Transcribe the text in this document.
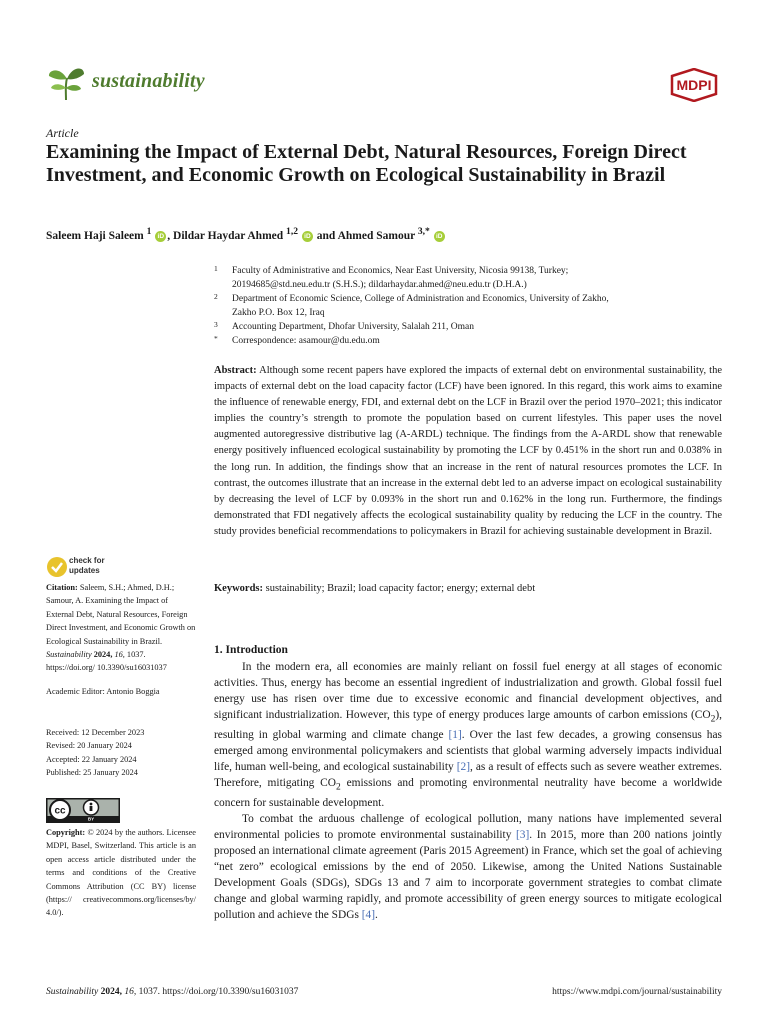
sustainability	MDPI
Article
Examining the Impact of External Debt, Natural Resources, Foreign Direct Investment, and Economic Growth on Ecological Sustainability in Brazil
Saleem Haji Saleem $^1$ iD , Dildar Haydar Ahmed $^{1,2}$ iD and Ahmed Samour $^{3,*}$ iD
1 Faculty of Administrative and Economics, Near East University, Nicosia 99138, Turkey;
20194685@std.neu.edu.tr (S.H.S.); dildarhaydar.ahmed@neu.edu.tr (D.H.A.)
2 Department of Economic Science, College of Administration and Economics, University of Zakho,
Zakho P.O. Box 12, Iraq
3 Accounting Department, Dhofar University, Salalah 211, Oman
* Correspondence: asamour@du.edu.om
Abstract: Although some recent papers have explored the impacts of external debt on environmental sustainability, the impacts of external debt on the load capacity factor (LCF) have been ignored. In this regard, this work aims to examine the influence of renewable energy, FDI, and external debt on the LCF in Brazil over the period 1970–2021; this indicator implies the country’s strength to promote the population based on current lifestyles. This paper uses the novel augmented autoregressive distributive lag (A-ARDL) technique. The findings from the A-ARDL show that renewable energy positively influenced ecological sustainability by promoting the LCF by 0.451% in the short run and 0.038% in the long run. In addition, the findings show that an increase in the rent of natural resources promotes the LCF. In contrast, the outcomes illustrate that an increase in the external debt led to an adverse impact on ecological sustainability by decreasing the level of LCF by 0.093% in the short run and 0.162% in the long run. Furthermore, the findings demonstrated that FDI negatively affects the ecological sustainability quality by reducing the LCF in the country. The study provides beneficial recommendations to policymakers in Brazil for achieving sustainable development in Brazil.
Keywords: sustainability; Brazil; load capacity factor; energy; external debt
1. Introduction

In the modern era, all economies are mainly reliant on fossil fuel energy at all stages of economic activities. Thus, energy has become an essential ingredient of industrialization and growth. Global fossil fuel energy use has risen over time due to excessive economic and financial development objectives, and significant industrialization. However, this type of energy produces large amounts of carbon emissions $(CO_2)$, resulting in global warming and climate change [1]. Over the last few decades, a growing consensus has emerged among environmental policymakers and scientists that global warming adversely impacts individual life, human well-being, and ecological sustainability [2], as a result of effects such as severe weather extremes. Therefore, mitigating $CO_2$ emissions and promoting environmental neutrality have become a worldwide concern for sustainable development.

To combat the arduous challenge of ecological pollution, many nations have implemented several environmental policies to promote environmental sustainability [3]. In 2015, more than 200 nations jointly proposed an international climate agreement (Paris 2015 Agreement) in France, which set the goal of achieving “net zero” ecological emissions by the end of 2050. Likewise, among the United Nations Sustainable Development Goals (SDGs), SDGs 13 and 7 aim to incorporate government strategies to combat climate change and global warming rapidly, and promote accessibility of green energy sources to mitigate ecological pollution and achieve the SDGs [4].

check for
updates
Citation: Saleem, S.H.; Ahmed, D.H.; Samour, A. Examining the Impact of External Debt, Natural Resources, Foreign Direct Investment, and Economic Growth on Ecological Sustainability in Brazil. Sustainability 2024, 16, 1037. https://doi.org/ 10.3390/su16031037
Academic Editor: Antonio Boggia
Received: 12 December 2023
Revised: 20 January 2024
Accepted: 22 January 2024
Published: 25 January 2024
cc
BY
Copyright: © 2024 by the authors. Licensee MDPI, Basel, Switzerland. This article is an open access article distributed under the terms and conditions of the Creative Commons Attribution (CC BY) license (https:// creativecommons.org/licenses/by/ 4.0/).
Sustainability 2024, 16, 1037. https://doi.org/10.3390/su16031037	https://www.mdpi.com/journal/sustainability
